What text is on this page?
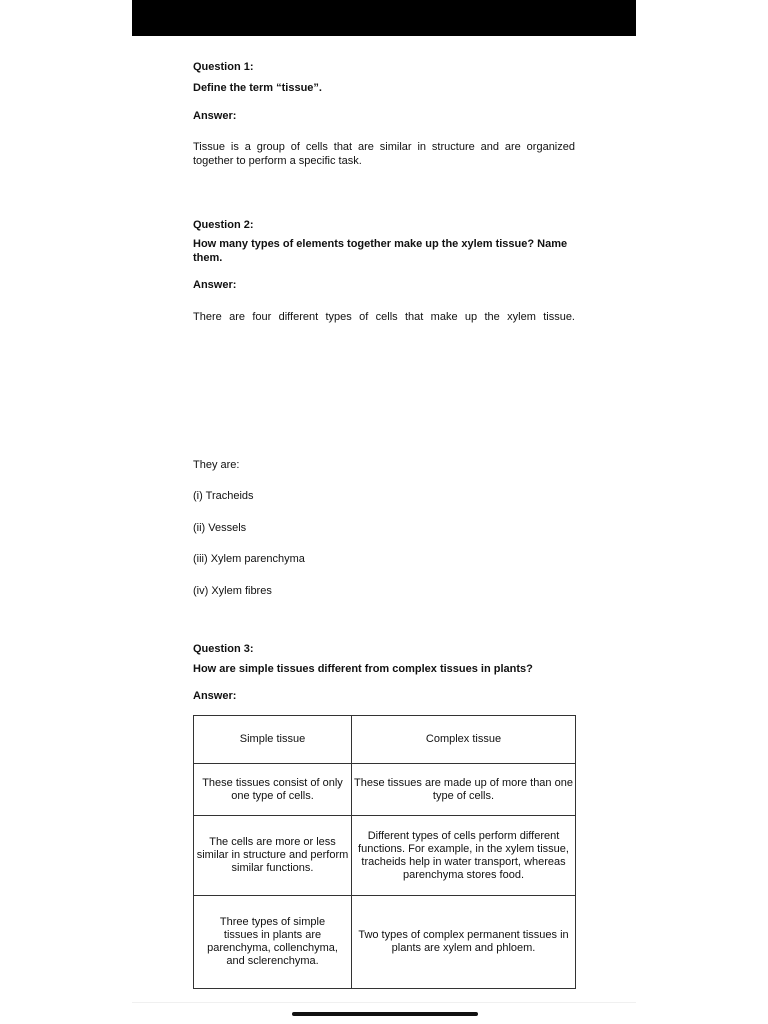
Question 1:

Define the term “tissue”.

Answer:

Tissue is a group of cells that are similar in structure and are organized together to perform a specific task.

Question 2:

How many types of elements together make up the xylem tissue? Name them.

Answer:

There are four different types of cells that make up the xylem tissue.

They are:

(i) Tracheids

(ii) Vessels

(iii) Xylem parenchyma

(iv) Xylem fibres

Question 3:

How are simple tissues different from complex tissues in plants?

Answer:

Simple tissue	Complex tissue
These tissues consist of only one type of cells.	These tissues are made up of more than one type of cells.
The cells are more or less similar in structure and perform similar functions.	Different types of cells perform different functions. For example, in the xylem tissue, tracheids help in water transport, whereas parenchyma stores food.
Three types of simple tissues in plants are parenchyma, collenchyma, and sclerenchyma.	Two types of complex permanent tissues in plants are xylem and phloem.
